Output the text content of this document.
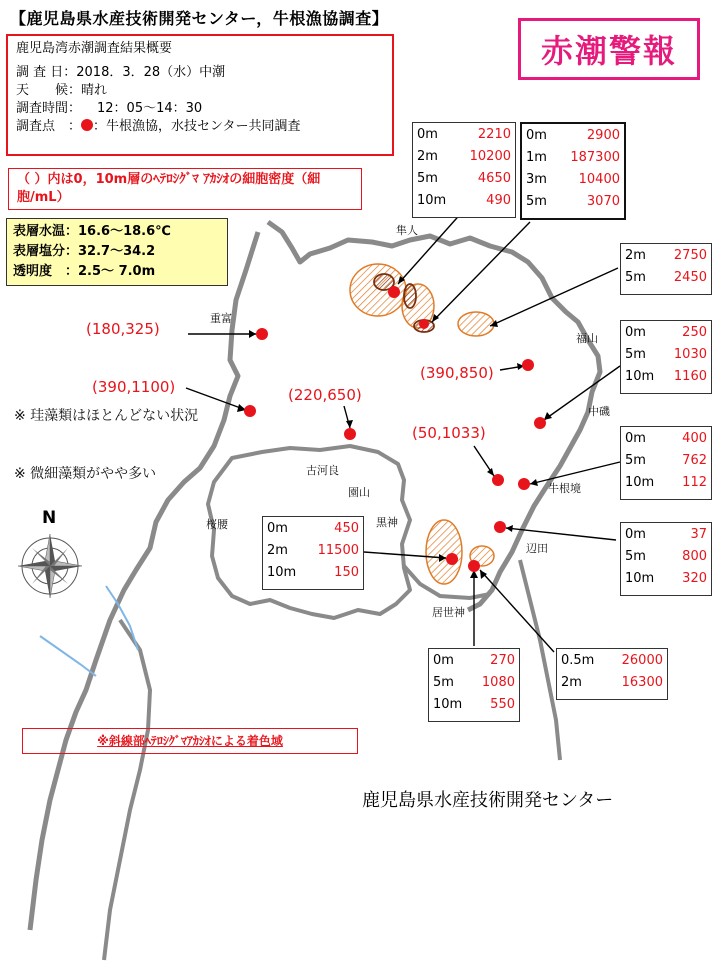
【鹿児島県水産技術開発センター，牛根漁協調査】
赤潮警報
鹿児島湾赤潮調査結果概要
調 査 日：2018．3．28（水）中潮
天　　候：晴れ
調査時間： 12：05～14：30
調査点　： ：牛根漁協，水技センター共同調査
（ ）内は0，10m層のﾍﾃﾛｼｸﾞﾏ ｱｶｼｵの細胞密度（細胞/mL）
表層水温：16.6～18.6℃
表層塩分：32.7～34.2
透明度　：2.5～ 7.0m
※ 珪藻類はほとんどない状況
※ 微細藻類がやや多い
N
隼人
重富
福山
中磯
牛根境
辺田
古河良
園山
黒神
桜腰
居世神
(180,325)
(390,1100)	(220,650)
(390,850)
(50,1033)
0m	2210
2m	10200
5m	4650
10m	490
0m	2900
1m	187300
3m	10400
5m	3070
2m	2750
5m	2450
0m	250
5m	1030
10m	1160
0m	400
5m	762
10m	112
0m	37
5m	800
10m	320
0m	450
2m	11500
10m	150
0m	270
5m	1080
10m	550
0.5m	26000
2m	16300
※斜線部ﾍﾃﾛｼｸﾞﾏｱｶｼｵによる着色域
鹿児島県水産技術開発センター
